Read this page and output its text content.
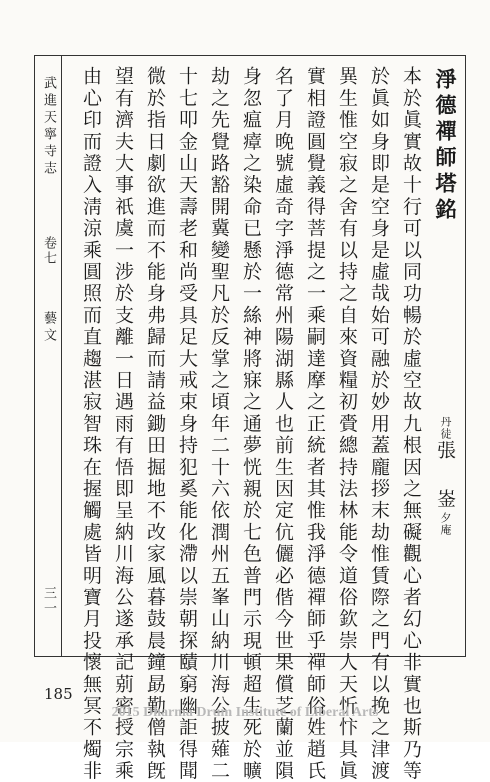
武進天寧寺志
卷七
藝文
三一
淨德禪師塔銘
丹徒張 崟夕庵
本於眞實故十行可以同功暢於虛空故九根因之無礙觀心者幻心非實也斯乃等
於眞如身即是空身是虛哉始可融於妙用蓋龐拶末劫惟賃際之門有以挽之津渡
異生惟空寂之舍有以持之自來資糧初賫總持法林能令道俗欽崇人天忻忭具眞
實相證圓覺義得菩提之一乘嗣達摩之正統者其惟我淨德禪師乎禪師俗姓趙氏
名了月晚號虛奇字淨德常州陽湖縣人也前生因定伉儷必偕今世果償芝蘭並隕
身忽瘟瘴之染命已懸於一絲神將寐之通夢恍親於七色普門示現頓超生死於曠
劫之先覺路豁開冀變聖凡於反掌之頃年二十六依潤州五峯山納川海公披薙二
十七叩金山天壽老和尚受具足大戒束身持犯奚能化滯以崇朝探賾窮幽詎得聞
微於指日劇欲進而不能身弗歸而請益鋤田掘地不改家風暮鼓晨鐘勗勤僧執旣
望有濟夫大事祇虞一涉於支離一日遇雨有悟即呈納川海公遂承記莂密授宗乘
由心印而證入淸涼乘圓照而直趨湛寂智珠在握觸處皆明寶月投懷無冥不燭非
185
2015 Dharma Drum Institute of Liberal Arts
